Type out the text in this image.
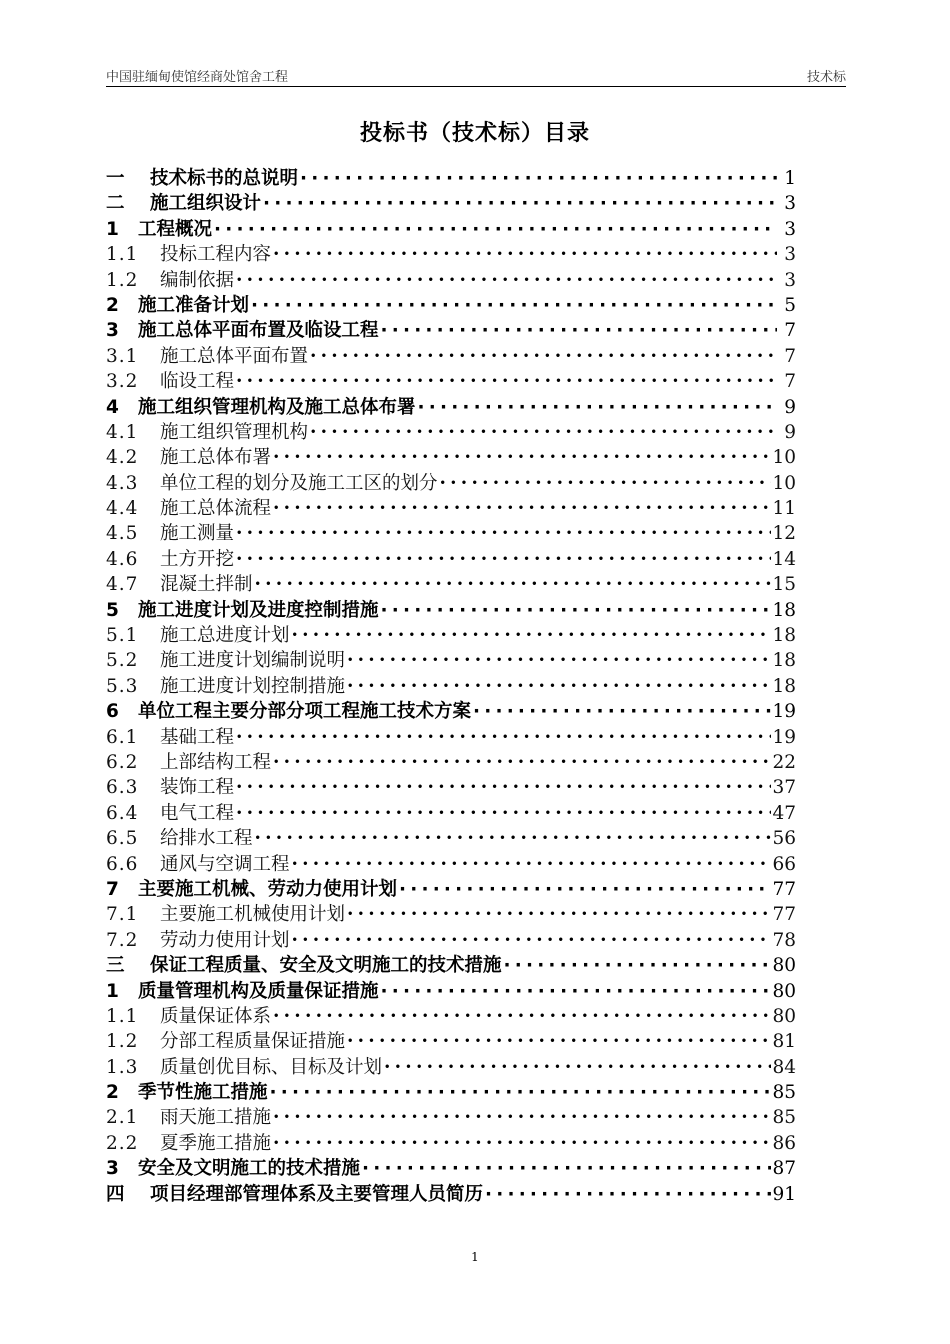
中国驻缅甸使馆经商处馆舍工程	技术标
投标书（技术标）目录
一	技术标书的总说明 ·····	1
二	施工组织设计 ·····	3
1	工程概况 ·····	3
1.1	投标工程内容 ·····	3
1.2	编制依据 ·····	3
2	施工准备计划 ·····	5
3	施工总体平面布置及临设工程 ·····	7
3.1	施工总体平面布置 ·····	7
3.2	临设工程 ·····	7
4	施工组织管理机构及施工总体布署 ·····	9
4.1	施工组织管理机构 ·····	9
4.2	施工总体布署 ·····	10
4.3	单位工程的划分及施工工区的划分 ·····	10
4.4	施工总体流程 ·····	11
4.5	施工测量 ·····	12
4.6	土方开挖 ·····	14
4.7	混凝土拌制 ·····	15
5	施工进度计划及进度控制措施 ·····	18
5.1	施工总进度计划 ·····	18
5.2	施工进度计划编制说明 ·····	18
5.3	施工进度计划控制措施 ·····	18
6	单位工程主要分部分项工程施工技术方案 ·····	19
6.1	基础工程 ·····	19
6.2	上部结构工程 ·····	22
6.3	装饰工程 ·····	37
6.4	电气工程 ·····	47
6.5	给排水工程 ·····	56
6.6	通风与空调工程 ·····	66
7	主要施工机械、劳动力使用计划 ·····	77
7.1	主要施工机械使用计划 ·····	77
7.2	劳动力使用计划 ·····	78
三	保证工程质量、安全及文明施工的技术措施 ·····	80
1	质量管理机构及质量保证措施 ·····	80
1.1	质量保证体系 ·····	80
1.2	分部工程质量保证措施 ·····	81
1.3	质量创优目标、目标及计划 ·····	84
2	季节性施工措施 ·····	85
2.1	雨天施工措施 ·····	85
2.2	夏季施工措施 ·····	86
3	安全及文明施工的技术措施 ·····	87
四	项目经理部管理体系及主要管理人员简历 ·····	91
1
